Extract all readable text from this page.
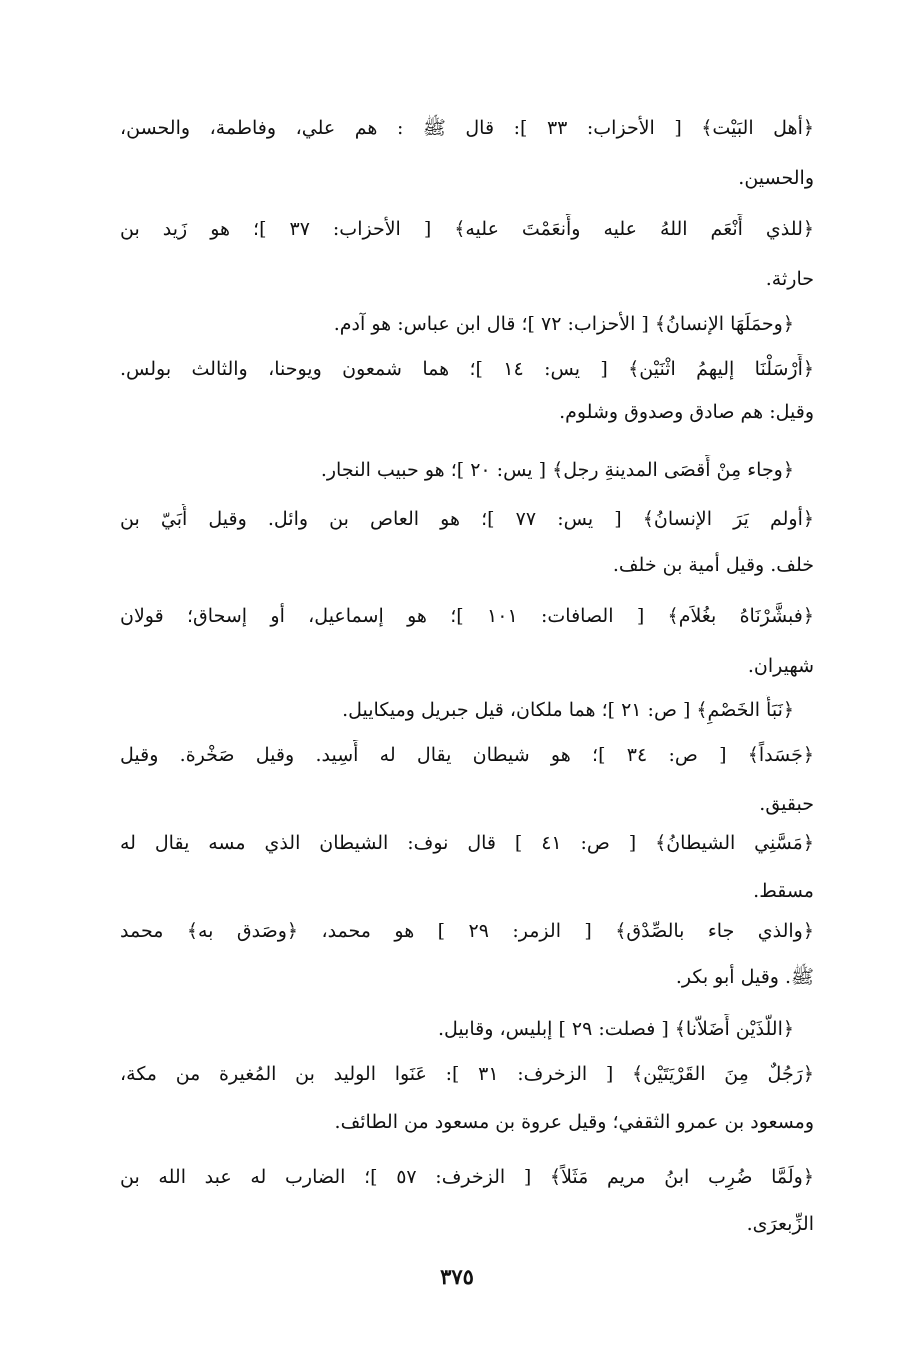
﴿أهل البَيْت﴾ [ الأحزاب: ٣٣ ]: قال ﷺ : هم علي، وفاطمة، والحسن،
والحسين.
﴿للذي أَنْعَم اللهُ عليه وأَنعَمْتَ عليه﴾ [ الأحزاب: ٣٧ ]؛ هو زَيد بن
حارثة.
﴿وحمَلَهَا الإنسانُ﴾ [ الأحزاب: ٧٢ ]؛ قال ابن عباس: هو آدم.
﴿أَرْسَلْنَا إليهمُ اثْنَيْن﴾ [ يس: ١٤ ]؛ هما شمعون ويوحنا، والثالث بولس.
وقيل: هم صادق وصدوق وشلوم.
﴿وجاء مِنْ أَقصَى المدينةِ رجل﴾ [ يس: ٢٠ ]؛ هو حبيب النجار.
﴿أولم يَرَ الإنسانُ﴾ [ يس: ٧٧ ]؛ هو العاص بن وائل. وقيل أُبَيّ بن
خلف. وقيل أمية بن خلف.
﴿فبشَّرْنَاهُ بغُلاَم﴾ [ الصافات: ١٠١ ]؛ هو إسماعيل، أو إسحاق؛ قولان
شهيران.
﴿نَبَأُ الخَصْمِ﴾ [ ص: ٢١ ]؛ هما ملكان، قيل جبريل وميكاييل.
﴿جَسَداً﴾ [ ص: ٣٤ ]؛ هو شيطان يقال له أَسِيد. وقيل صَخْرة. وقيل
حبقيق.
﴿مَسَّنِي الشيطانُ﴾ [ ص: ٤١ ] قال نوف: الشيطان الذي مسه يقال له
مسقط.
﴿والذي جاء بالصِّدْق﴾ [ الزمر: ٢٩ ] هو محمد، ﴿وصَدق به﴾ محمد
ﷺ. وقيل أبو بكر.
﴿اللّذَيْن أَضَلاّنا﴾ [ فصلت: ٢٩ ] إبليس، وقابيل.
﴿رَجُلٌ مِنَ القَرْيَتَيْن﴾ [ الزخرف: ٣١ ]: عَنَوا الوليد بن المُغيرة من مكة،
ومسعود بن عمرو الثقفي؛ وقيل عروة بن مسعود من الطائف.
﴿ولَمَّا ضُرِب ابنُ مريم مَثَلاً﴾ [ الزخرف: ٥٧ ]؛ الضارب له عبد الله بن
الزِّبعرَى.
٣٧٥
